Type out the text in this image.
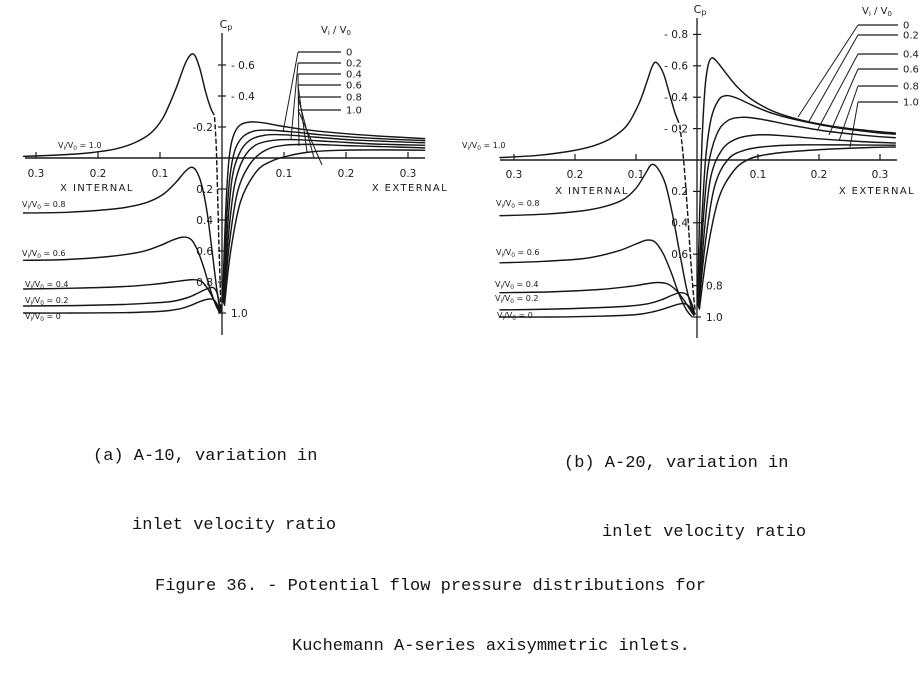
0.3	0.2	0.1	0.1	0.2	0.3
X INTERNAL	X EXTERNAL
- 0.6
- 0.4
-0.2
0.2
0.4
0.6
0.8
1.0
$C_p$	$V_i / V_0$
0
0.2
0.4
0.6
0.8
1.0
$V_i/V_0 = 1.0$
$V_i/V_0 = 0.8$
$V_i/V_0 = 0.6$
$V_i/V_0 = 0.4$
$V_i/V_0 = 0.2$
$V_i/V_0 = 0$
0.3	0.2	0.1	0.1	0.2	0.3
X INTERNAL	X EXTERNAL
- 0.8
- 0.6
- 0.4
- 0.2
0.2
0.4
0.6
0.8
1.0
$C_p$	$V_i / V_0$
0
0.2
0.4
0.6
0.8
1.0
$V_i/V_0 = 1.0$
$V_i/V_0 = 0.8$
$V_i/V_0 = 0.6$
$V_i/V_0 = 0.4$
$V_i/V_0 = 0.2$
$V_i/V_0 = 0$

(a) A-10, variation in

inlet velocity ratio

(b) A-20, variation in

inlet velocity ratio

Figure 36. - Potential flow pressure distributions for

Kuchemann A-series axisymmetric inlets.
